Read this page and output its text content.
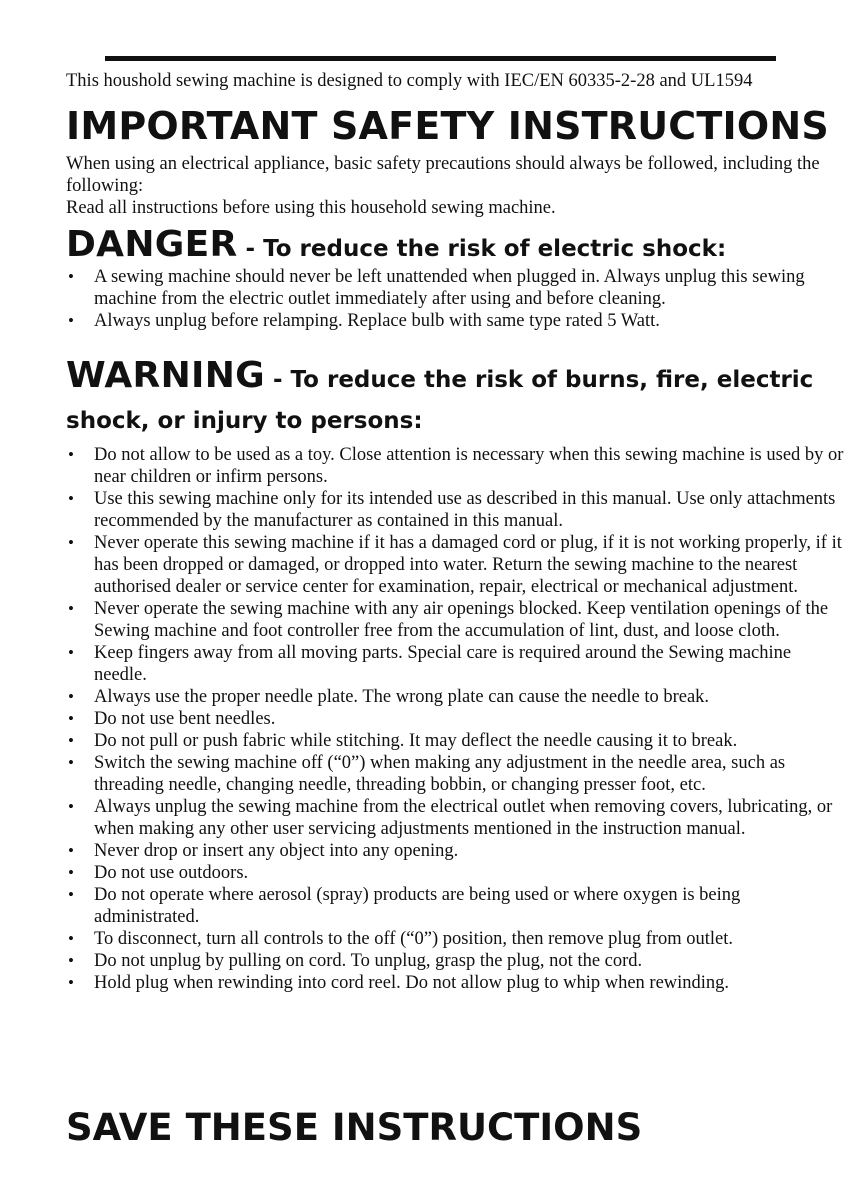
This houshold sewing machine is designed to comply with IEC/EN 60335-2-28 and UL1594
IMPORTANT SAFETY INSTRUCTIONS

When using an electrical appliance, basic safety precautions should always be followed, including the following:

Read all instructions before using this household sewing machine.

DANGER - To reduce the risk of electric shock:
• A sewing machine should never be left unattended when plugged in. Always unplug this sewing machine from the electric outlet immediately after using and before cleaning.
• Always unplug before relamping. Replace bulb with same type rated 5 Watt.
WARNING - To reduce the risk of burns, fire, electric
shock, or injury to persons:
• Do not allow to be used as a toy. Close attention is necessary when this sewing machine is used by or near children or infirm persons.
• Use this sewing machine only for its intended use as described in this manual. Use only attachments recommended by the manufacturer as contained in this manual.
• Never operate this sewing machine if it has a damaged cord or plug, if it is not working properly, if it has been dropped or damaged, or dropped into water. Return the sewing machine to the nearest authorised dealer or service center for examination, repair, electrical or mechanical adjustment.
• Never operate the sewing machine with any air openings blocked. Keep ventilation openings of the Sewing machine and foot controller free from the accumulation of lint, dust, and loose cloth.
• Keep fingers away from all moving parts. Special care is required around the Sewing machine needle.
• Always use the proper needle plate. The wrong plate can cause the needle to break.
• Do not use bent needles.
• Do not pull or push fabric while stitching. It may deflect the needle causing it to break.
• Switch the sewing machine off (“0”) when making any adjustment in the needle area, such as threading needle, changing needle, threading bobbin, or changing presser foot, etc.
• Always unplug the sewing machine from the electrical outlet when removing covers, lubricating, or when making any other user servicing adjustments mentioned in the instruction manual.
• Never drop or insert any object into any opening.
• Do not use outdoors.
• Do not operate where aerosol (spray) products are being used or where oxygen is being administrated.
• To disconnect, turn all controls to the off (“0”) position, then remove plug from outlet.
• Do not unplug by pulling on cord. To unplug, grasp the plug, not the cord.
• Hold plug when rewinding into cord reel. Do not allow plug to whip when rewinding.
SAVE THESE INSTRUCTIONS
